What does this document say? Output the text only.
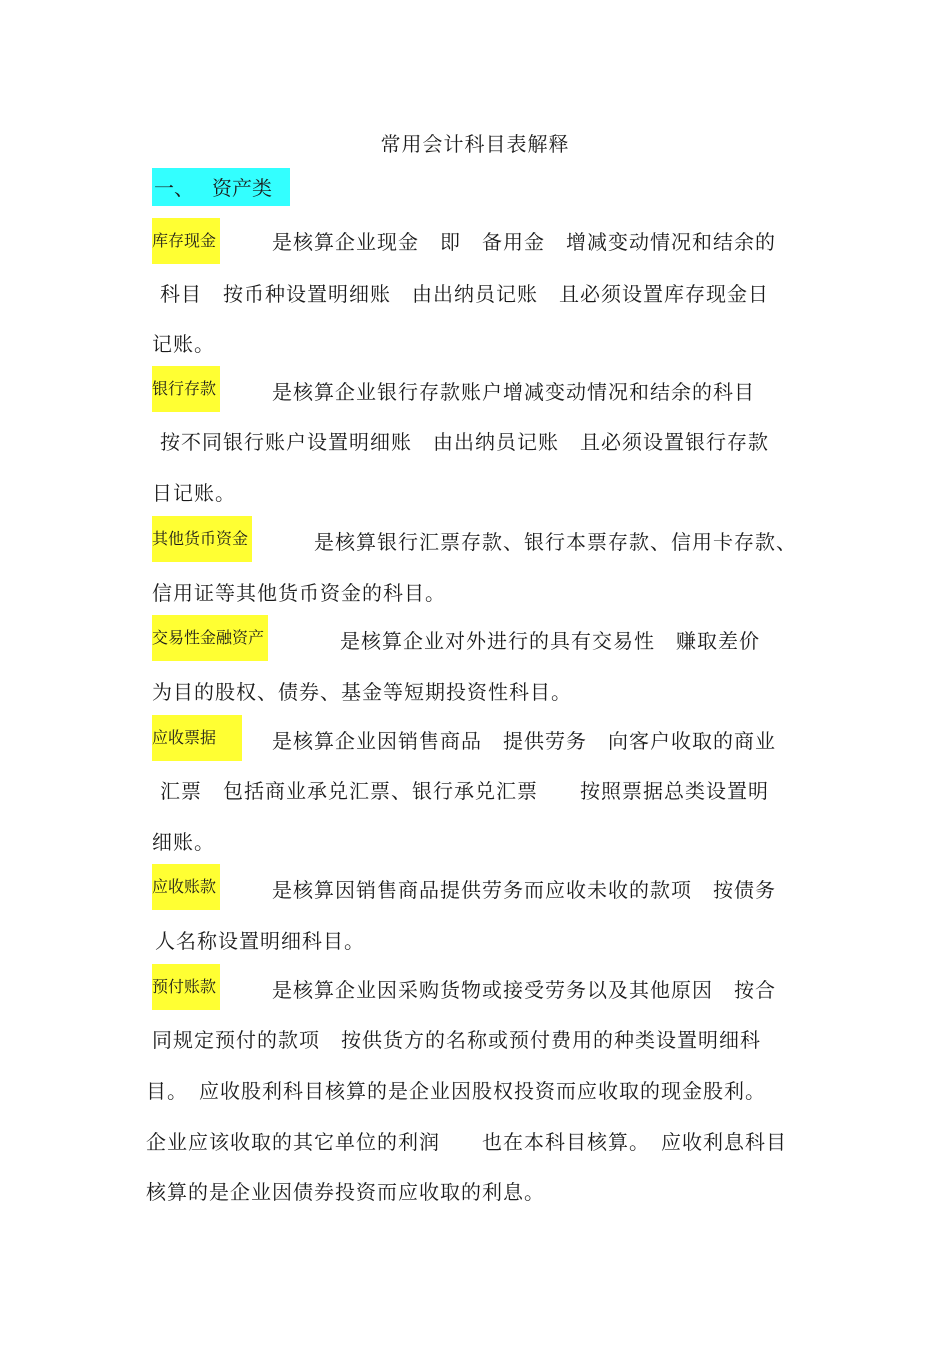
常用会计科目表解释
一、 资产类
库存现金	是核算企业现金　即　备用金　增减变动情况和结余的
科目　按币种设置明细账　由出纳员记账　且必须设置库存现金日
记账。
银行存款	是核算企业银行存款账户增减变动情况和结余的科目
按不同银行账户设置明细账　由出纳员记账　且必须设置银行存款
日记账。
其他货币资金	是核算银行汇票存款、银行本票存款、信用卡存款、
信用证等其他货币资金的科目。
交易性金融资产	是核算企业对外进行的具有交易性　赚取差价
为目的股权、债券、基金等短期投资性科目。
应收票据	是核算企业因销售商品　提供劳务　向客户收取的商业
汇票　包括商业承兑汇票、银行承兑汇票　　按照票据总类设置明
细账。
应收账款	是核算因销售商品提供劳务而应收未收的款项　按债务
人名称设置明细科目。
预付账款	是核算企业因采购货物或接受劳务以及其他原因　按合
同规定预付的款项　按供货方的名称或预付费用的种类设置明细科
目。　应收股利科目核算的是企业因股权投资而应收取的现金股利。
企业应该收取的其它单位的利润　　也在本科目核算。　应收利息科目
核算的是企业因债券投资而应收取的利息。
